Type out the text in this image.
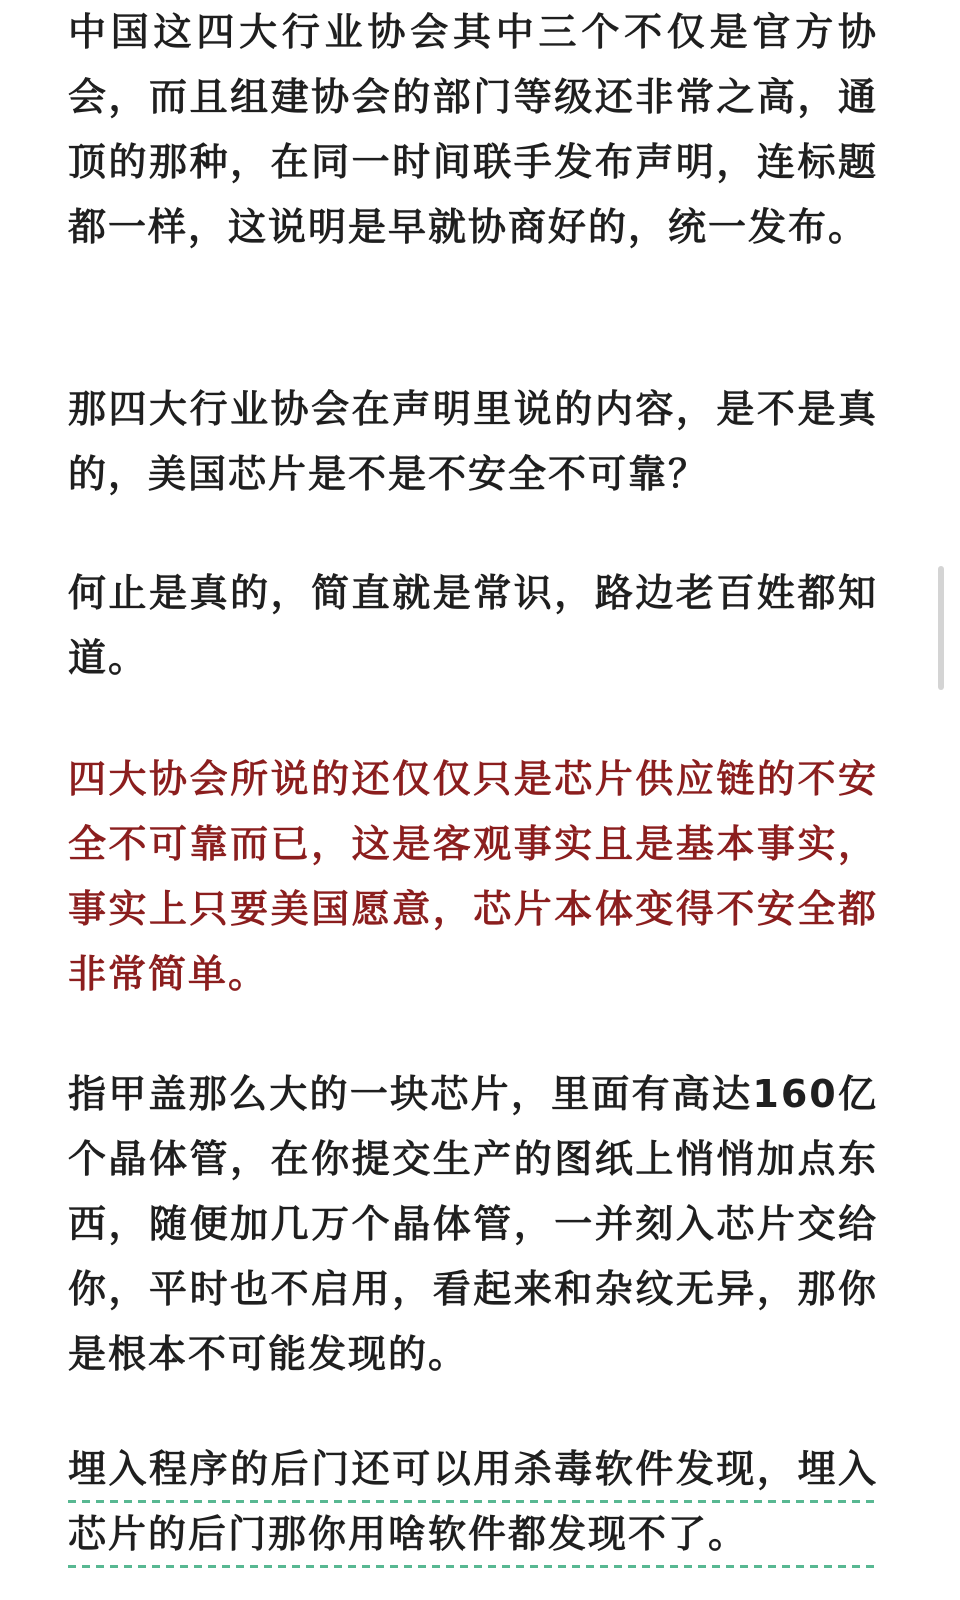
中国这四大行业协会其中三个不仅是官方协会，而且组建协会的部门等级还非常之高，通顶的那种，在同一时间联手发布声明，连标题都一样，这说明是早就协商好的，统一发布。

那四大行业协会在声明里说的内容，是不是真的，美国芯片是不是不安全不可靠？

何止是真的，简直就是常识，路边老百姓都知道。

四大协会所说的还仅仅只是芯片供应链的不安全不可靠而已，这是客观事实且是基本事实，事实上只要美国愿意，芯片本体变得不安全都非常简单。

指甲盖那么大的一块芯片，里面有高达160亿个晶体管，在你提交生产的图纸上悄悄加点东西，随便加几万个晶体管，一并刻入芯片交给你，平时也不启用，看起来和杂纹无异，那你是根本不可能发现的。

埋入程序的后门还可以用杀毒软件发现，埋入芯片的后门那你用啥软件都发现不了。
